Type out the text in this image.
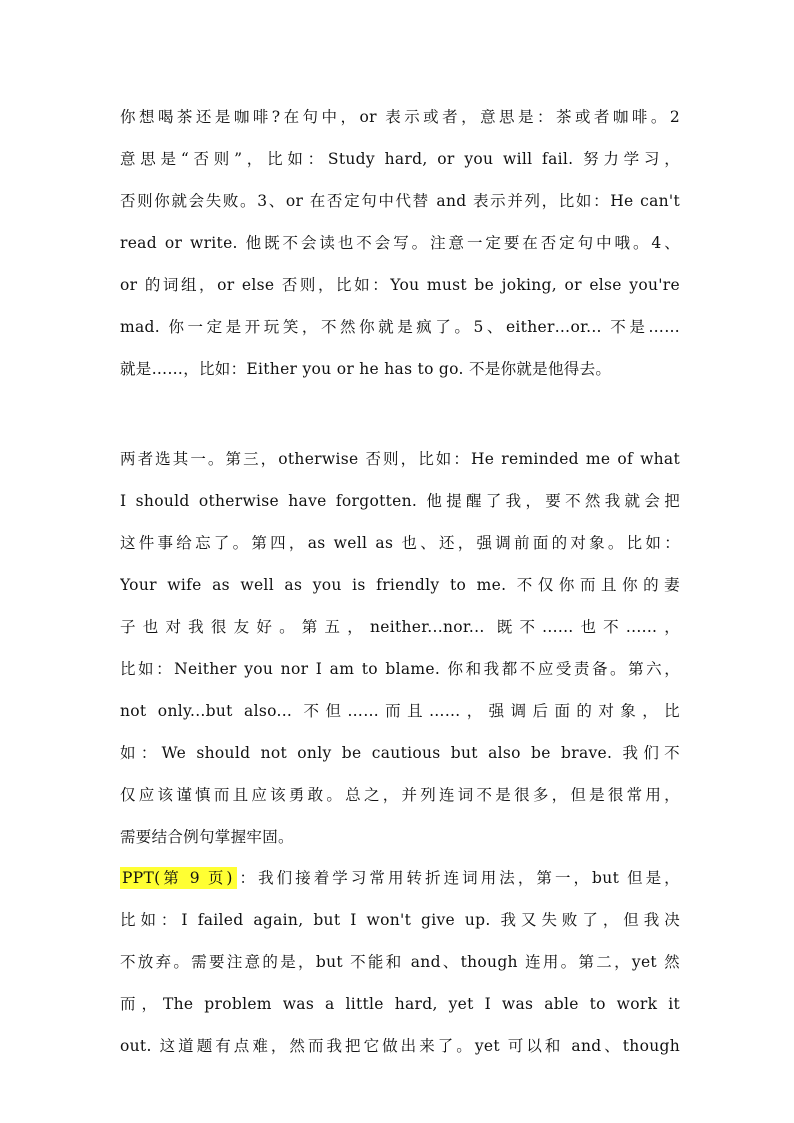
你想喝茶还是咖啡?在句中，or 表示或者，意思是：茶或者咖啡。2
意思是“否则”，比如：Study hard, or you will fail. 努力学习，
否则你就会失败。3、or 在否定句中代替 and 表示并列，比如：He can't
read or write. 他既不会读也不会写。注意一定要在否定句中哦。4、
or 的词组，or else 否则，比如：You must be joking, or else you're
mad. 你一定是开玩笑，不然你就是疯了。5、either…or... 不是……
就是……，比如：Either you or he has to go. 不是你就是他得去。
两者选其一。第三，otherwise 否则，比如：He reminded me of what
I should otherwise have forgotten. 他提醒了我，要不然我就会把
这件事给忘了。第四，as well as 也、还，强调前面的对象。比如：
Your wife as well as you is friendly to me. 不仅你而且你的妻
子也对我很友好。第五，neither...nor... 既不......也不......，
比如：Neither you nor I am to blame. 你和我都不应受责备。第六，
not only...but also... 不但……而且……，强调后面的对象，比
如：We should not only be cautious but also be brave. 我们不
仅应该谨慎而且应该勇敢。总之，并列连词不是很多，但是很常用，
需要结合例句掌握牢固。
PPT(第 9 页) ：我们接着学习常用转折连词用法，第一，but 但是，
比如：I failed again, but I won't give up. 我又失败了，但我决
不放弃。需要注意的是，but 不能和 and、though 连用。第二，yet 然
而，The problem was a little hard, yet I was able to work it
out. 这道题有点难，然而我把它做出来了。yet 可以和 and、though
